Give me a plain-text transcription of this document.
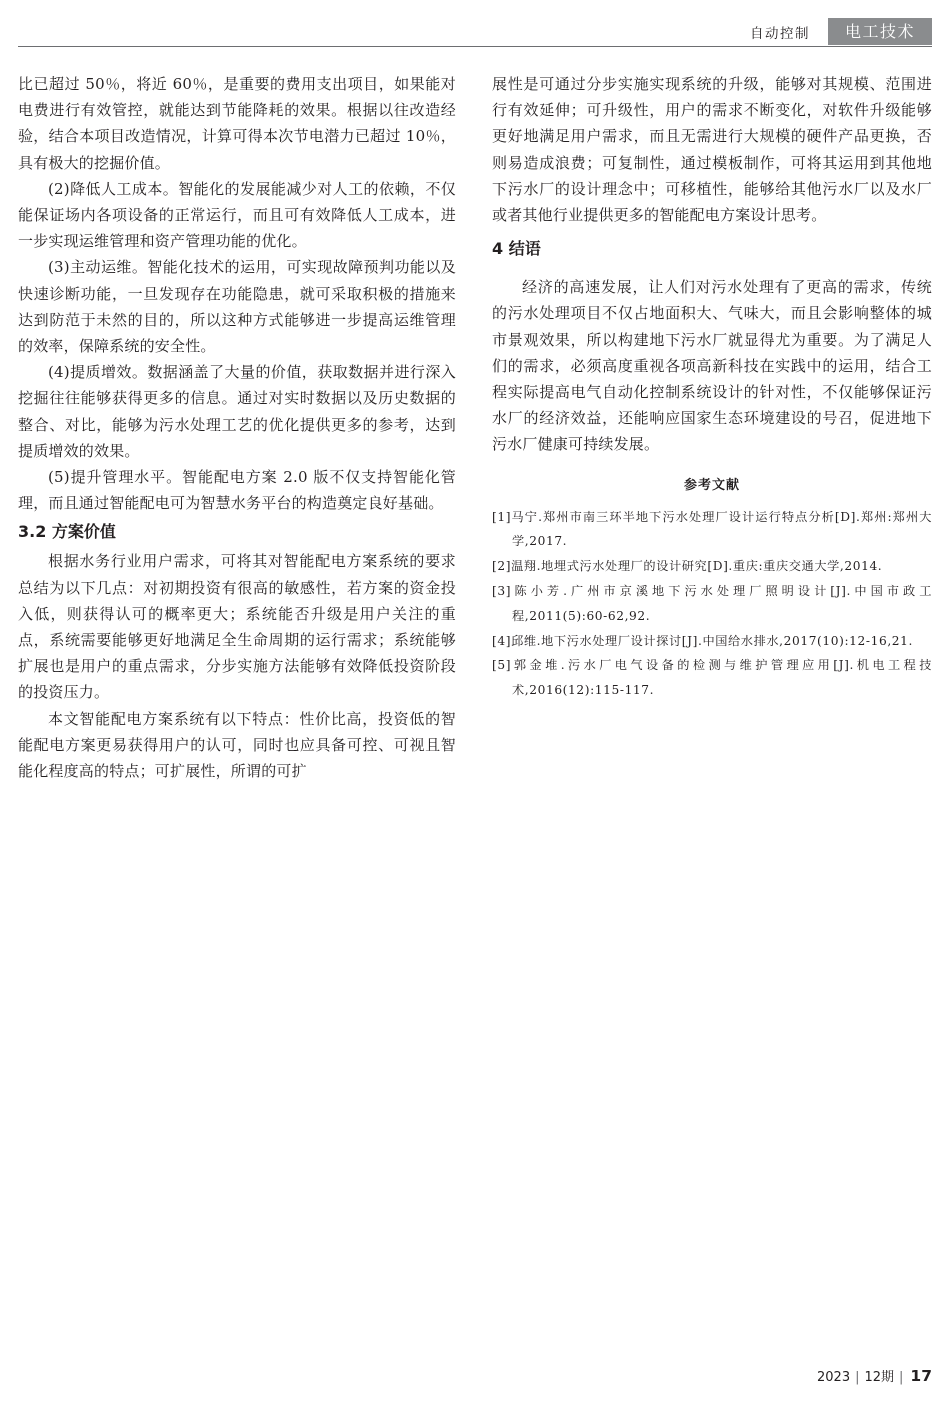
自动控制	电工技术

比已超过 50％，将近 60％，是重要的费用支出项目，如果能对电费进行有效管控，就能达到节能降耗的效果。根据以往改造经验，结合本项目改造情况，计算可得本次节电潜力已超过 10％，具有极大的挖掘价值。

(2)降低人工成本。智能化的发展能减少对人工的依赖，不仅能保证场内各项设备的正常运行，而且可有效降低人工成本，进一步实现运维管理和资产管理功能的优化。

(3)主动运维。智能化技术的运用，可实现故障预判功能以及快速诊断功能，一旦发现存在功能隐患，就可采取积极的措施来达到防范于未然的目的，所以这种方式能够进一步提高运维管理的效率，保障系统的安全性。

(4)提质增效。数据涵盖了大量的价值，获取数据并进行深入挖掘往往能够获得更多的信息。通过对实时数据以及历史数据的整合、对比，能够为污水处理工艺的优化提供更多的参考，达到提质增效的效果。

(5)提升管理水平。智能配电方案 2.0 版不仅支持智能化管理，而且通过智能配电可为智慧水务平台的构造奠定良好基础。

3.2 方案价值

根据水务行业用户需求，可将其对智能配电方案系统的要求总结为以下几点：对初期投资有很高的敏感性，若方案的资金投入低，则获得认可的概率更大；系统能否升级是用户关注的重点，系统需要能够更好地满足全生命周期的运行需求；系统能够扩展也是用户的重点需求，分步实施方法能够有效降低投资阶段的投资压力。

本文智能配电方案系统有以下特点：性价比高，投资低的智能配电方案更易获得用户的认可，同时也应具备可控、可视且智能化程度高的特点；可扩展性，所谓的可扩

展性是可通过分步实施实现系统的升级，能够对其规模、范围进行有效延伸；可升级性，用户的需求不断变化，对软件升级能够更好地满足用户需求，而且无需进行大规模的硬件产品更换，否则易造成浪费；可复制性，通过模板制作，可将其运用到其他地下污水厂的设计理念中；可移植性，能够给其他污水厂以及水厂或者其他行业提供更多的智能配电方案设计思考。

4 结语

经济的高速发展，让人们对污水处理有了更高的需求，传统的污水处理项目不仅占地面积大、气味大，而且会影响整体的城市景观效果，所以构建地下污水厂就显得尤为重要。为了满足人们的需求，必须高度重视各项高新科技在实践中的运用，结合工程实际提高电气自动化控制系统设计的针对性，不仅能够保证污水厂的经济效益，还能响应国家生态环境建设的号召，促进地下污水厂健康可持续发展。

参考文献
[1]马宁.郑州市南三环半地下污水处理厂设计运行特点分析[D].郑州:郑州大学,2017.
[2]温翔.地埋式污水处理厂的设计研究[D].重庆:重庆交通大学,2014.
[3]陈小芳.广州市京溪地下污水处理厂照明设计[J].中国市政工程,2011(5):60-62,92.
[4]邱维.地下污水处理厂设计探讨[J].中国给水排水,2017(10):12-16,21.
[5]郭金堆.污水厂电气设备的检测与维护管理应用[J].机电工程技术,2016(12):115-117.
2023 | 12期 | 17
